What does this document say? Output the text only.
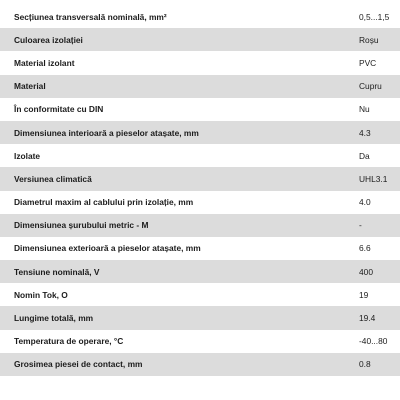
Secțiunea transversală nominală, mm²	0,5...1,5
Culoarea izolației	Roșu
Material izolant	PVC
Material	Cupru
În conformitate cu DIN	Nu
Dimensiunea interioară a pieselor atașate, mm	4.3
Izolate	Da
Versiunea climatică	UHL3.1
Diametrul maxim al cablului prin izolație, mm	4.0
Dimensiunea șurubului metric - M	-
Dimensiunea exterioară a pieselor atașate, mm	6.6
Tensiune nominală, V	400
Nomin Tok, O	19
Lungime totală, mm	19.4
Temperatura de operare, °C	-40...80
Grosimea piesei de contact, mm	0.8
